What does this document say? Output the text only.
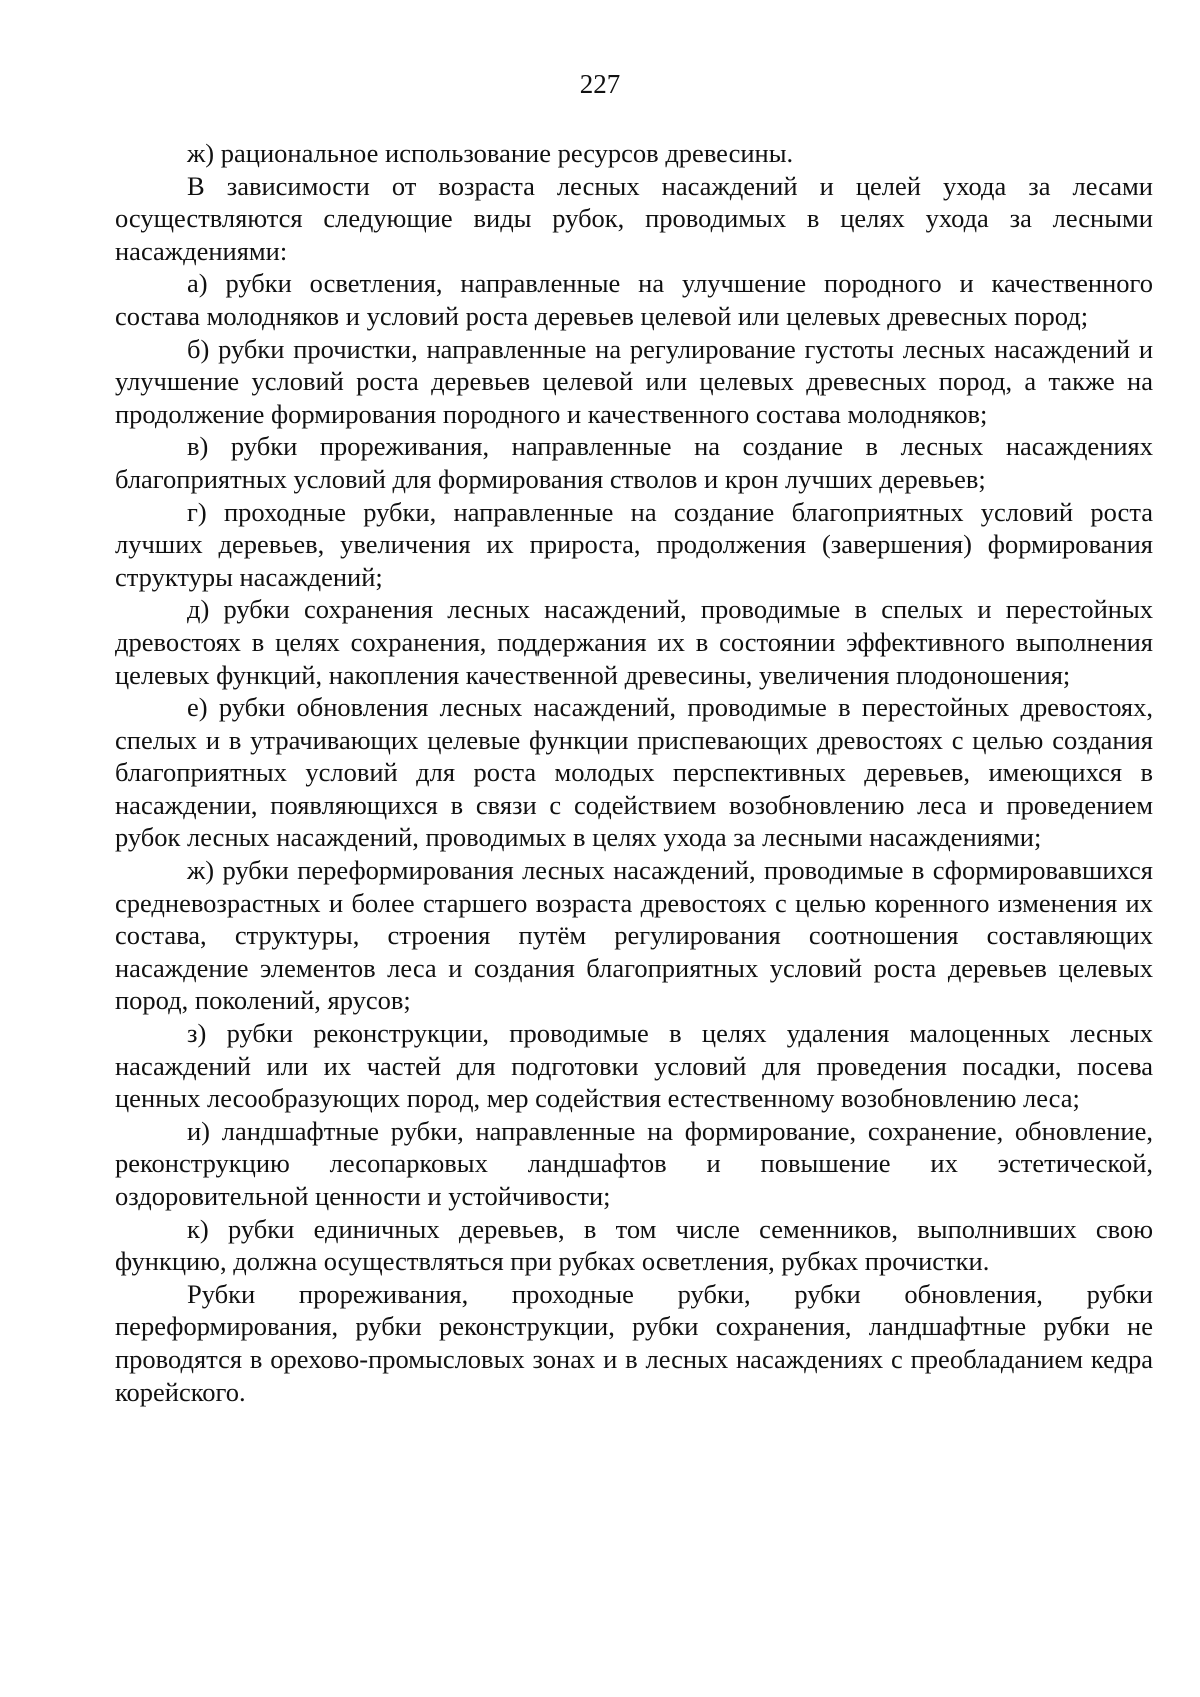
227

ж) рациональное использование ресурсов древесины.

В зависимости от возраста лесных насаждений и целей ухода за лесами осуществляются следующие виды рубок, проводимых в целях ухода за лесными насаждениями:

а) рубки осветления, направленные на улучшение породного и качественного состава молодняков и условий роста деревьев целевой или целевых древесных пород;

б) рубки прочистки, направленные на регулирование густоты лесных насаждений и улучшение условий роста деревьев целевой или целевых древесных пород, а также на продолжение формирования породного и качественного состава молодняков;

в) рубки прореживания, направленные на создание в лесных насаждениях благоприятных условий для формирования стволов и крон лучших деревьев;

г) проходные рубки, направленные на создание благоприятных условий роста лучших деревьев, увеличения их прироста, продолжения (завершения) формирования структуры насаждений;

д) рубки сохранения лесных насаждений, проводимые в спелых и перестойных древостоях в целях сохранения, поддержания их в состоянии эффективного выполнения целевых функций, накопления качественной древесины, увеличения плодоношения;

е) рубки обновления лесных насаждений, проводимые в перестойных древостоях, спелых и в утрачивающих целевые функции приспевающих древостоях с целью создания благоприятных условий для роста молодых перспективных деревьев, имеющихся в насаждении, появляющихся в связи с содействием возобновлению леса и проведением рубок лесных насаждений, проводимых в целях ухода за лесными насаждениями;

ж) рубки переформирования лесных насаждений, проводимые в сформировавшихся средневозрастных и более старшего возраста древостоях с целью коренного изменения их состава, структуры, строения путём регулирования соотношения составляющих насаждение элементов леса и создания благоприятных условий роста деревьев целевых пород, поколений, ярусов;

з) рубки реконструкции, проводимые в целях удаления малоценных лесных насаждений или их частей для подготовки условий для проведения посадки, посева ценных лесообразующих пород, мер содействия естественному возобновлению леса;

и) ландшафтные рубки, направленные на формирование, сохранение, обновление, реконструкцию лесопарковых ландшафтов и повышение их эстетической, оздоровительной ценности и устойчивости;

к) рубки единичных деревьев, в том числе семенников, выполнивших свою функцию, должна осуществляться при рубках осветления, рубках прочистки.

Рубки прореживания, проходные рубки, рубки обновления, рубки переформирования, рубки реконструкции, рубки сохранения, ландшафтные рубки не проводятся в орехово-промысловых зонах и в лесных насаждениях с преобладанием кедра корейского.
